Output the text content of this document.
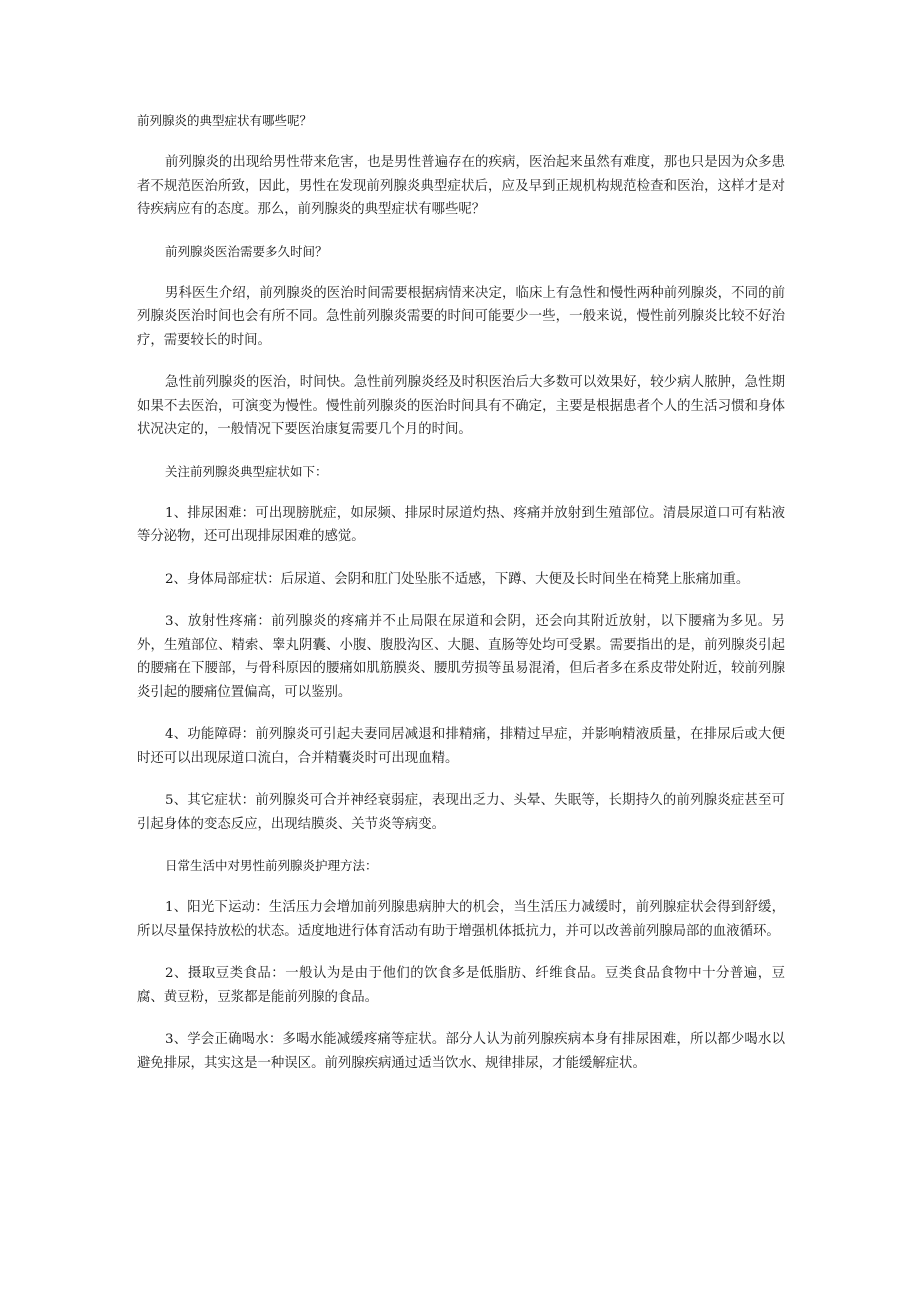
前列腺炎的典型症状有哪些呢？

前列腺炎的出现给男性带来危害，也是男性普遍存在的疾病，医治起来虽然有难度，那也只是因为众多患者不规范医治所致，因此，男性在发现前列腺炎典型症状后，应及早到正规机构规范检查和医治，这样才是对待疾病应有的态度。那么，前列腺炎的典型症状有哪些呢？

前列腺炎医治需要多久时间？

男科医生介绍，前列腺炎的医治时间需要根据病情来决定，临床上有急性和慢性两种前列腺炎，不同的前列腺炎医治时间也会有所不同。急性前列腺炎需要的时间可能要少一些，一般来说，慢性前列腺炎比较不好治疗，需要较长的时间。

急性前列腺炎的医治，时间快。急性前列腺炎经及时积医治后大多数可以效果好，较少病人脓肿，急性期如果不去医治，可演变为慢性。慢性前列腺炎的医治时间具有不确定，主要是根据患者个人的生活习惯和身体状况决定的，一般情况下要医治康复需要几个月的时间。

关注前列腺炎典型症状如下：

1、排尿困难：可出现膀胱症，如尿频、排尿时尿道灼热、疼痛并放射到生殖部位。清晨尿道口可有粘液等分泌物，还可出现排尿困难的感觉。

2、身体局部症状：后尿道、会阴和肛门处坠胀不适感，下蹲、大便及长时间坐在椅凳上胀痛加重。

3、放射性疼痛：前列腺炎的疼痛并不止局限在尿道和会阴，还会向其附近放射，以下腰痛为多见。另外，生殖部位、精索、睾丸阴囊、小腹、腹股沟区、大腿、直肠等处均可受累。需要指出的是，前列腺炎引起的腰痛在下腰部，与骨科原因的腰痛如肌筋膜炎、腰肌劳损等虽易混淆，但后者多在系皮带处附近，较前列腺炎引起的腰痛位置偏高，可以鉴别。

4、功能障碍：前列腺炎可引起夫妻同居减退和排精痛，排精过早症，并影响精液质量，在排尿后或大便时还可以出现尿道口流白，合并精囊炎时可出现血精。

5、其它症状：前列腺炎可合并神经衰弱症，表现出乏力、头晕、失眠等，长期持久的前列腺炎症甚至可引起身体的变态反应，出现结膜炎、关节炎等病变。

日常生活中对男性前列腺炎护理方法：

1、阳光下运动：生活压力会增加前列腺患病肿大的机会，当生活压力减缓时，前列腺症状会得到舒缓，所以尽量保持放松的状态。适度地进行体育活动有助于增强机体抵抗力，并可以改善前列腺局部的血液循环。

2、摄取豆类食品：一般认为是由于他们的饮食多是低脂肪、纤维食品。豆类食品食物中十分普遍，豆腐、黄豆粉，豆浆都是能前列腺的食品。

3、学会正确喝水：多喝水能减缓疼痛等症状。部分人认为前列腺疾病本身有排尿困难，所以都少喝水以避免排尿，其实这是一种误区。前列腺疾病通过适当饮水、规律排尿，才能缓解症状。
